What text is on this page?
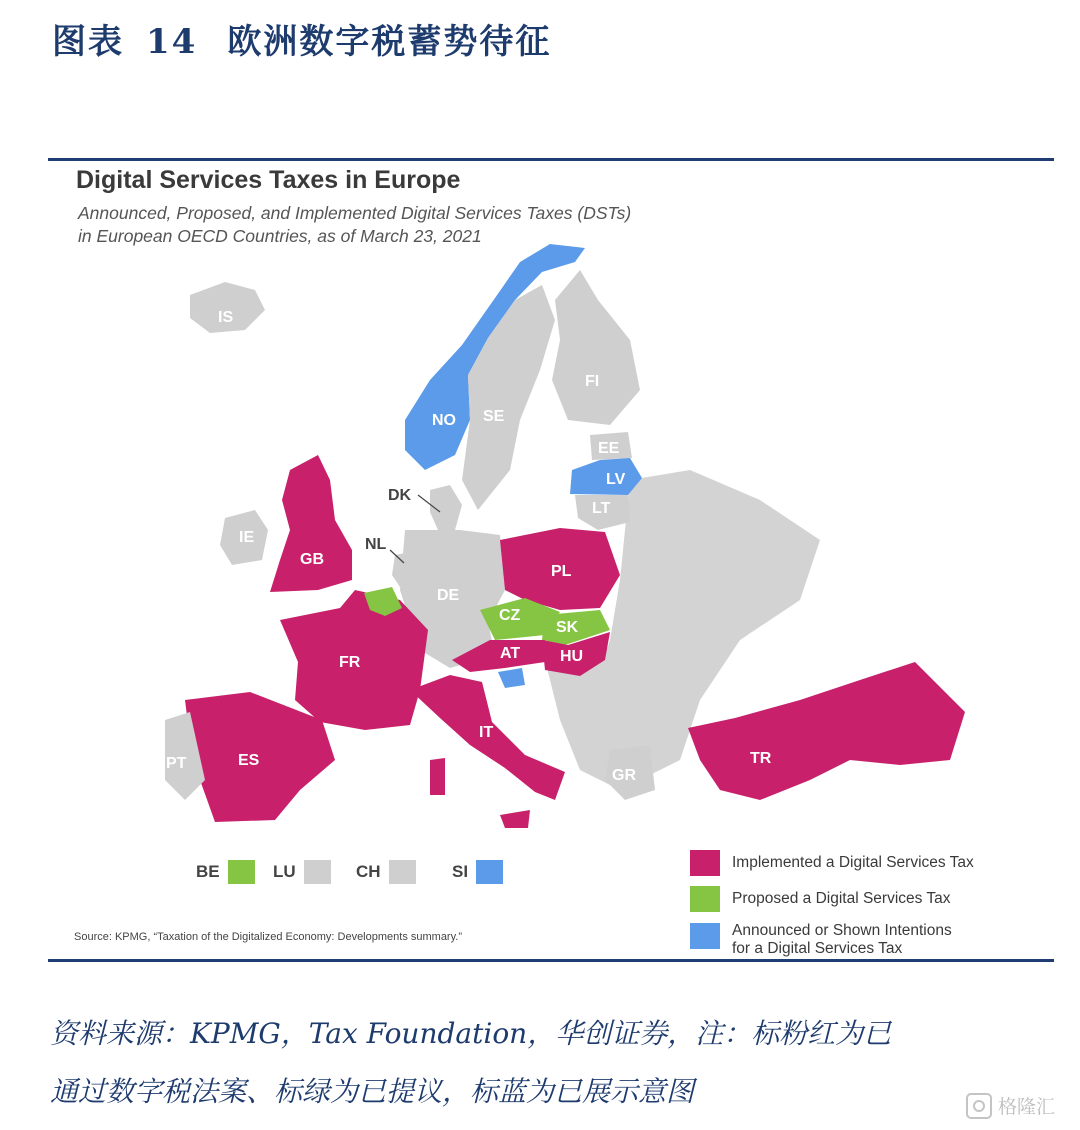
图表 14 欧洲数字税蓄势待征
Digital Services Taxes in Europe
Announced, Proposed, and Implemented Digital Services Taxes (DSTs)
in European OECD Countries, as of March 23, 2021
IS
NO SE
FI
EE
LV
LT
DK
IE
GB
NL
DE
PL
CZ
SK
AT HU
FR
IT
ES
PT
GR
TR
BE	LU	CH	SI	Implemented a Digital Services Tax
Proposed a Digital Services Tax
Announced or Shown Intentions
for a Digital Services Tax
Source: KPMG, “Taxation of the Digitalized Economy: Developments summary.”
资料来源：KPMG，Tax Foundation，华创证券，注：标粉红为已
通过数字税法案、标绿为已提议，标蓝为已展示意图	格隆汇
